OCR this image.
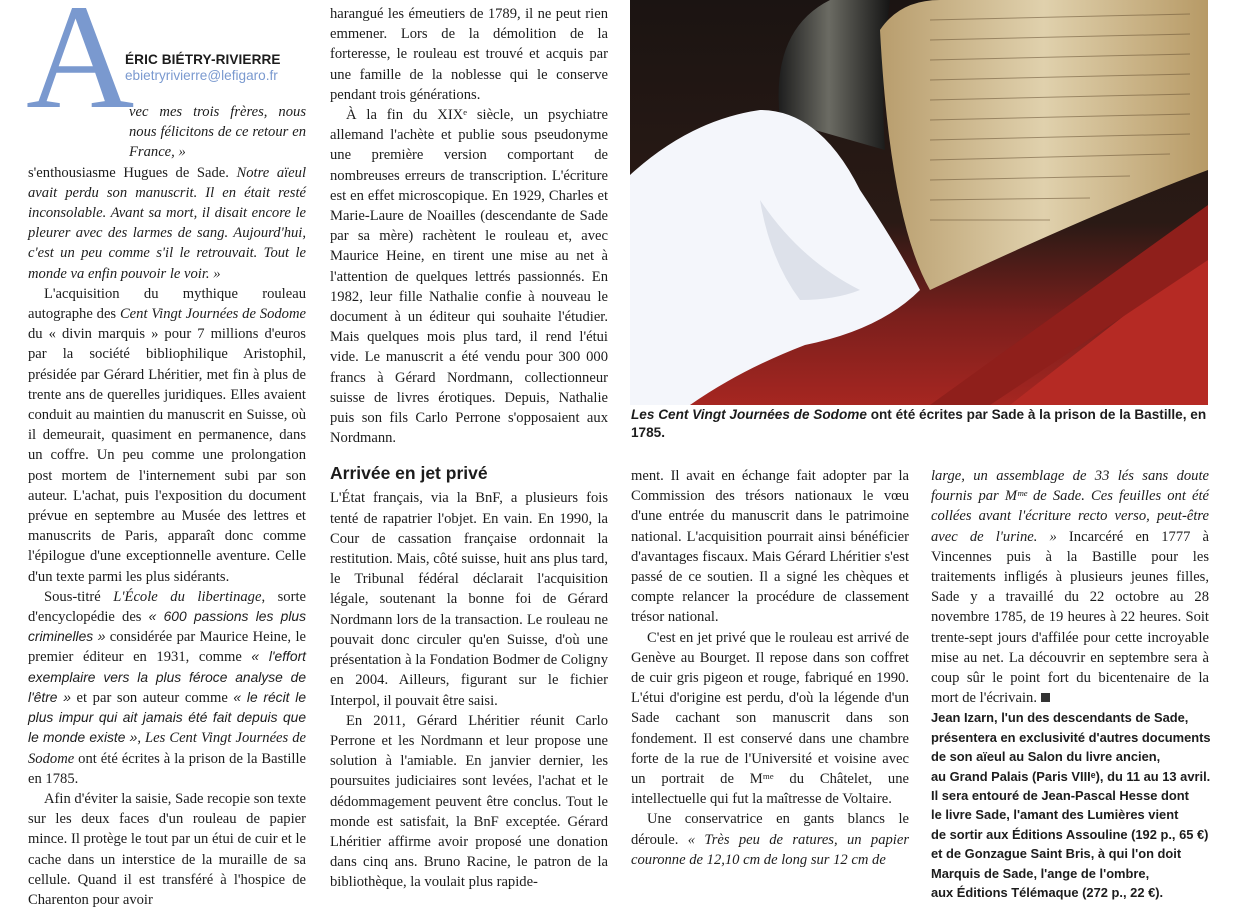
A
ÉRIC BIÉTRY-RIVIERRE
ebietryrivierre@lefigaro.fr

vec mes trois frères, nous nous félicitons de ce retour en France, »

s'enthousiasme Hugues de Sade. Notre aïeul avait perdu son manuscrit. Il en était resté inconsolable. Avant sa mort, il disait encore le pleurer avec des larmes de sang. Aujourd'hui, c'est un peu comme s'il le retrouvait. Tout le monde va enfin pouvoir le voir. »

L'acquisition du mythique rouleau autographe des Cent Vingt Journées de Sodome du « divin marquis » pour 7 millions d'euros par la société bibliophilique Aristophil, présidée par Gérard Lhéritier, met fin à plus de trente ans de querelles juridiques. Elles avaient conduit au maintien du manuscrit en Suisse, où il demeurait, quasiment en permanence, dans un coffre. Un peu comme une prolongation post mortem de l'internement subi par son auteur. L'achat, puis l'exposition du document prévue en septembre au Musée des lettres et manuscrits de Paris, apparaît donc comme l'épilogue d'une exceptionnelle aventure. Celle d'un texte parmi les plus sidérants.

Sous-titré L'École du libertinage, sorte d'encyclopédie des « 600 passions les plus criminelles » considérée par Maurice Heine, le premier éditeur en 1931, comme « l'effort exemplaire vers la plus féroce analyse de l'être » et par son auteur comme « le récit le plus impur qui ait jamais été fait depuis que le monde existe », Les Cent Vingt Journées de Sodome ont été écrites à la prison de la Bastille en 1785.

Afin d'éviter la saisie, Sade recopie son texte sur les deux faces d'un rouleau de papier mince. Il protège le tout par un étui de cuir et le cache dans un interstice de la muraille de sa cellule. Quand il est transféré à l'hospice de Charenton pour avoir

harangué les émeutiers de 1789, il ne peut rien emmener. Lors de la démolition de la forteresse, le rouleau est trouvé et acquis par une famille de la noblesse qui le conserve pendant trois générations.

À la fin du XIXᵉ siècle, un psychiatre allemand l'achète et publie sous pseudonyme une première version comportant de nombreuses erreurs de transcription. L'écriture est en effet microscopique. En 1929, Charles et Marie-Laure de Noailles (descendante de Sade par sa mère) rachètent le rouleau et, avec Maurice Heine, en tirent une mise au net à l'attention de quelques lettrés passionnés. En 1982, leur fille Nathalie confie à nouveau le document à un éditeur qui souhaite l'étudier. Mais quelques mois plus tard, il rend l'étui vide. Le manuscrit a été vendu pour 300 000 francs à Gérard Nordmann, collectionneur suisse de livres érotiques. Depuis, Nathalie puis son fils Carlo Perrone s'opposaient aux Nordmann.

Arrivée en jet privé

L'État français, via la BnF, a plusieurs fois tenté de rapatrier l'objet. En vain. En 1990, la Cour de cassation française ordonnait la restitution. Mais, côté suisse, huit ans plus tard, le Tribunal fédéral déclarait l'acquisition légale, soutenant la bonne foi de Gérard Nordmann lors de la transaction. Le rouleau ne pouvait donc circuler qu'en Suisse, d'où une présentation à la Fondation Bodmer de Coligny en 2004. Ailleurs, figurant sur le fichier Interpol, il pouvait être saisi.

En 2011, Gérard Lhéritier réunit Carlo Perrone et les Nordmann et leur propose une solution à l'amiable. En janvier dernier, les poursuites judiciaires sont levées, l'achat et le dédommagement peuvent être conclus. Tout le monde est satisfait, la BnF exceptée. Gérard Lhéritier affirme avoir proposé une donation dans cinq ans. Bruno Racine, le patron de la bibliothèque, la voulait plus rapide-

Les Cent Vingt Journées de Sodome ont été écrites par Sade à la prison de la Bastille, en 1785.

ment. Il avait en échange fait adopter par la Commission des trésors nationaux le vœu d'une entrée du manuscrit dans le patrimoine national. L'acquisition pourrait ainsi bénéficier d'avantages fiscaux. Mais Gérard Lhéritier s'est passé de ce soutien. Il a signé les chèques et compte relancer la procédure de classement trésor national.

C'est en jet privé que le rouleau est arrivé de Genève au Bourget. Il repose dans son coffret de cuir gris pigeon et rouge, fabriqué en 1990. L'étui d'origine est perdu, d'où la légende d'un Sade cachant son manuscrit dans son fondement. Il est conservé dans une chambre forte de la rue de l'Université et voisine avec un portrait de Mᵐᵉ du Châtelet, une intellectuelle qui fut la maîtresse de Voltaire.

Une conservatrice en gants blancs le déroule. « Très peu de ratures, un papier couronne de 12,10 cm de long sur 12 cm de

large, un assemblage de 33 lés sans doute fournis par Mᵐᵉ de Sade. Ces feuilles ont été collées avant l'écriture recto verso, peut-être avec de l'urine. » Incarcéré en 1777 à Vincennes puis à la Bastille pour les traitements infligés à plusieurs jeunes filles, Sade y a travaillé du 22 octobre au 28 novembre 1785, de 19 heures à 22 heures. Soit trente-sept jours d'affilée pour cette incroyable mise au net. La découvrir en septembre sera à coup sûr le point fort du bicentenaire de la mort de l'écrivain.

Jean Izarn, l'un des descendants de Sade,
présentera en exclusivité d'autres documents
de son aïeul au Salon du livre ancien,
au Grand Palais (Paris VIIIᵉ), du 11 au 13 avril.
Il sera entouré de Jean-Pascal Hesse dont
le livre Sade, l'amant des Lumières vient
de sortir aux Éditions Assouline (192 p., 65 €)
et de Gonzague Saint Bris, à qui l'on doit
Marquis de Sade, l'ange de l'ombre,
aux Éditions Télémaque (272 p., 22 €).
